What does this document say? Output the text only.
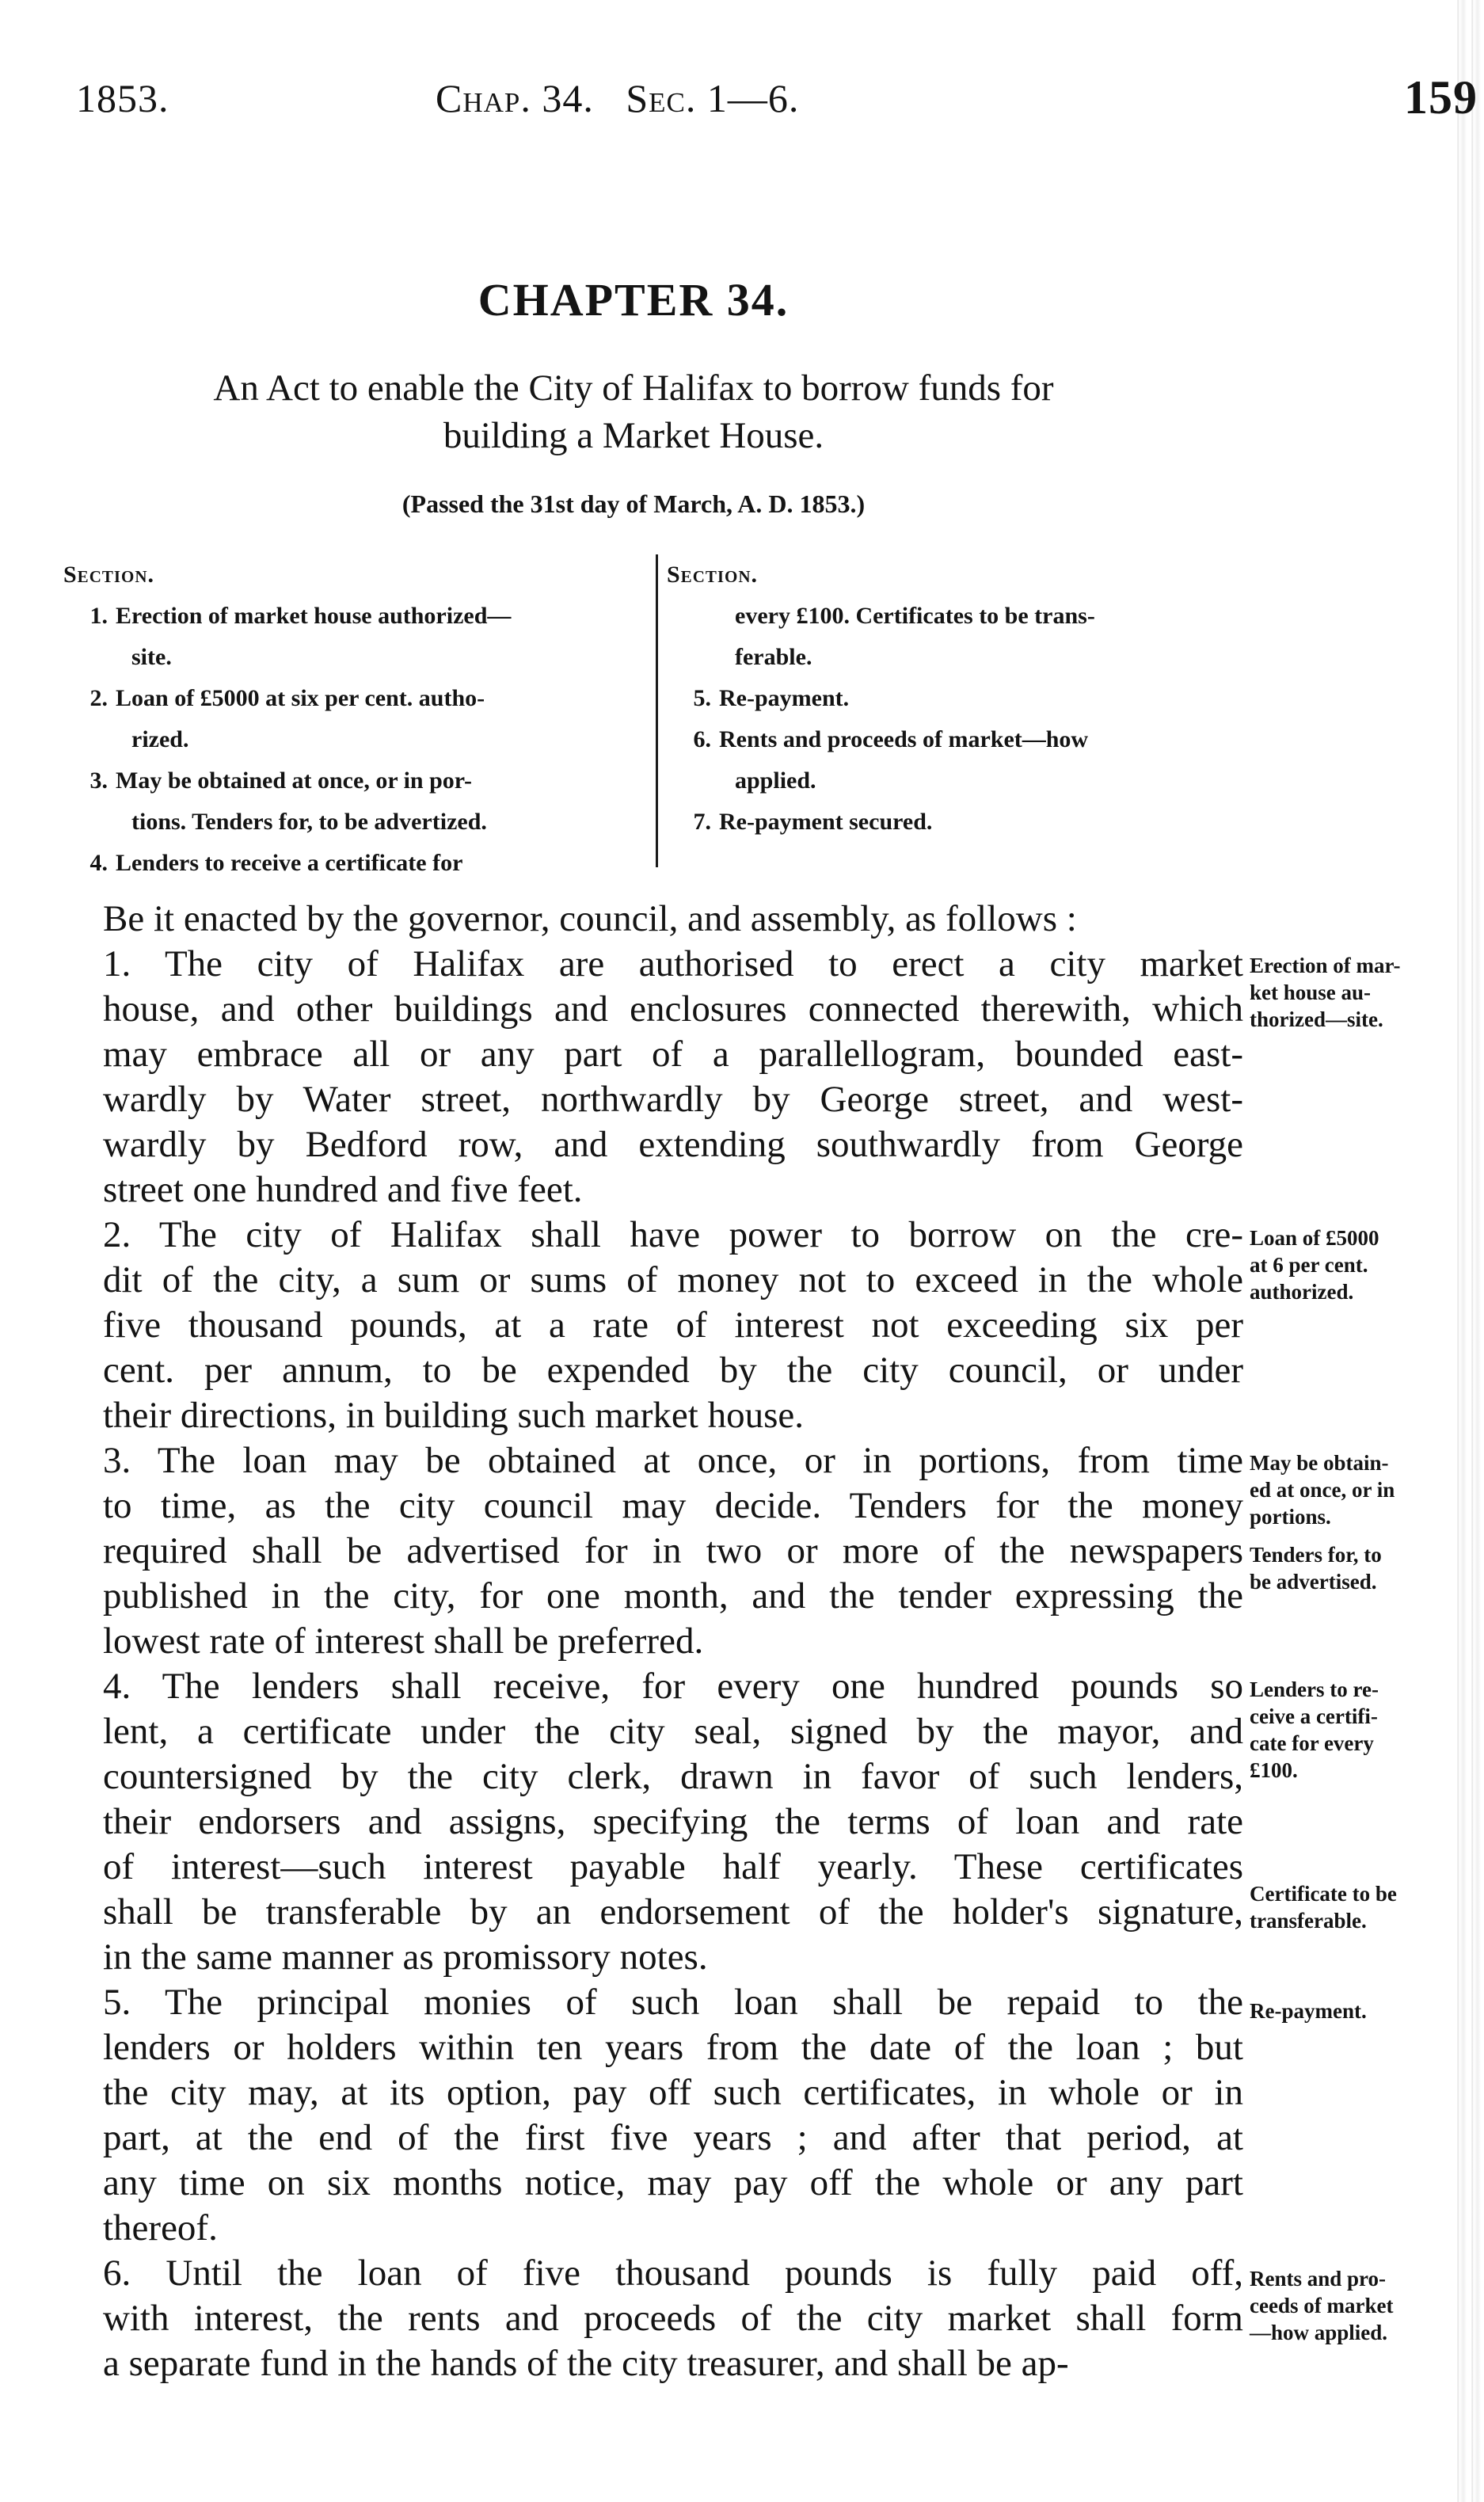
1853.	Chap. 34.   Sec. 1—6.	159
CHAPTER 34.
An Act to enable the City of Halifax to borrow funds for
building a Market House.
(Passed the 31st day of March, A. D. 1853.)
Section.
1. Erection of market house authorized—
site.
2. Loan of £5000 at six per cent. autho-
rized.
3. May be obtained at once, or in por-
tions. Tenders for, to be advertized.
4. Lenders to receive a certificate for
Section.
every £100. Certificates to be trans-
ferable.
5. Re-payment.
6. Rents and proceeds of market—how
applied.
7. Re-payment secured.
Be it enacted by the governor, council, and assembly, as follows :
1. The city of Halifax are authorised to erect a city market
house, and other buildings and enclosures connected therewith, which
may embrace all or any part of a parallellogram, bounded east-
wardly by Water street, northwardly by George street, and west-
wardly by Bedford row, and extending southwardly from George
street one hundred and five feet.
2. The city of Halifax shall have power to borrow on the cre-
dit of the city, a sum or sums of money not to exceed in the whole
five thousand pounds, at a rate of interest not exceeding six per
cent. per annum, to be expended by the city council, or under
their directions, in building such market house.
3. The loan may be obtained at once, or in portions, from time
to time, as the city council may decide. Tenders for the money
required shall be advertised for in two or more of the newspapers
published in the city, for one month, and the tender expressing the
lowest rate of interest shall be preferred.
4. The lenders shall receive, for every one hundred pounds so
lent, a certificate under the city seal, signed by the mayor, and
countersigned by the city clerk, drawn in favor of such lenders,
their endorsers and assigns, specifying the terms of loan and rate
of interest—such interest payable half yearly. These certificates
shall be transferable by an endorsement of the holder's signature,
in the same manner as promissory notes.
5. The principal monies of such loan shall be repaid to the
lenders or holders within ten years from the date of the loan ; but
the city may, at its option, pay off such certificates, in whole or in
part, at the end of the first five years ; and after that period, at
any time on six months notice, may pay off the whole or any part
thereof.
6. Until the loan of five thousand pounds is fully paid off,
with interest, the rents and proceeds of the city market shall form
a separate fund in the hands of the city treasurer, and shall be ap-
Erection of mar-
ket house au-
thorized—site.
Loan of £5000
at 6 per cent.
authorized.
May be obtain-
ed at once, or in
portions.
Tenders for, to
be advertised.
Lenders to re-
ceive a certifi-
cate for every
£100.
Certificate to be
transferable.
Re-payment.
Rents and pro-
ceeds of market
—how applied.
